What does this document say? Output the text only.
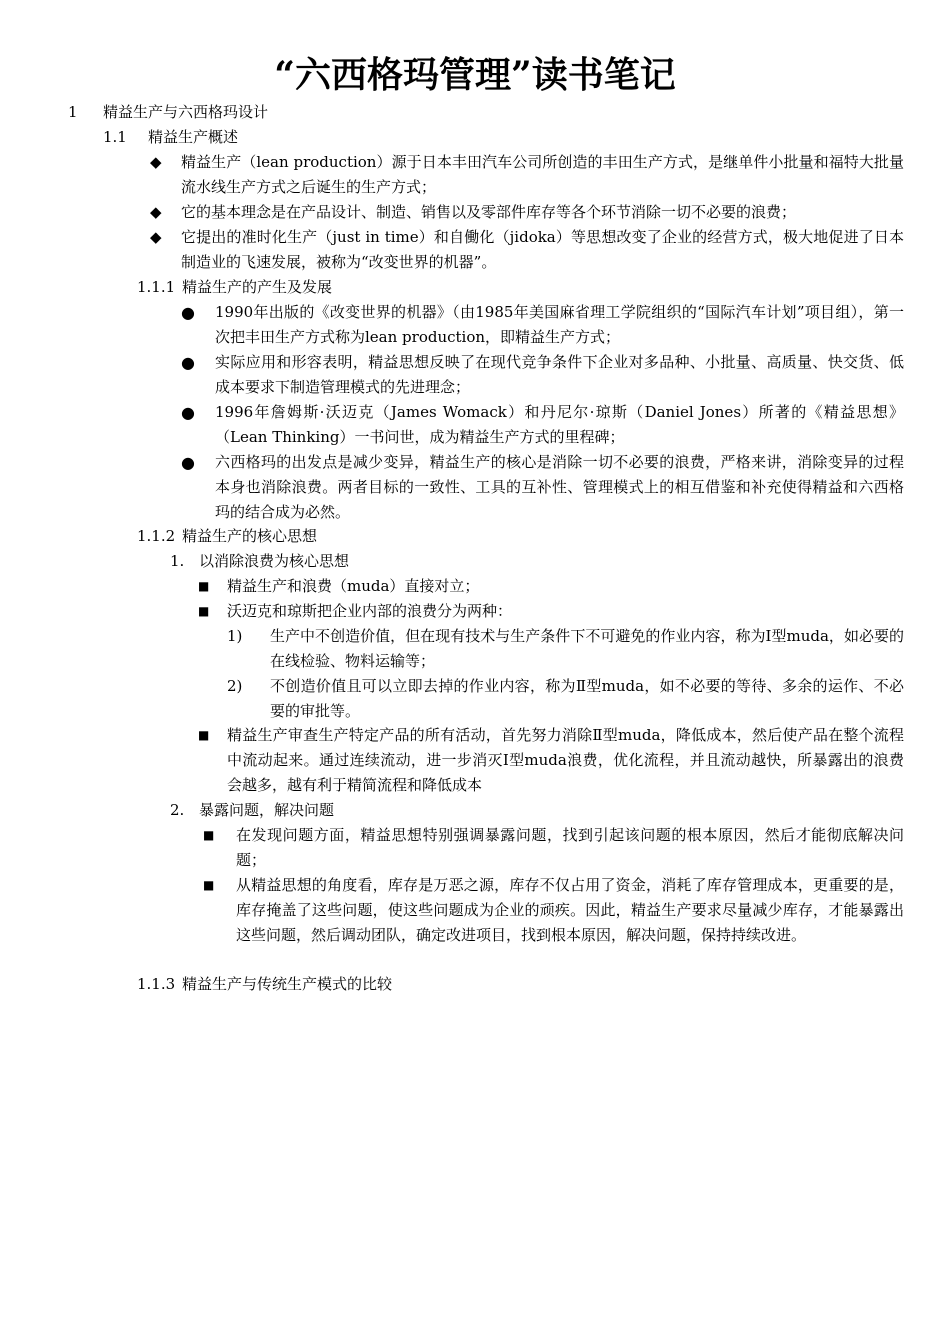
“六西格玛管理”读书笔记
1 精益生产与六西格玛设计
1.1 精益生产概述
◆ 精益生产（lean production）源于日本丰田汽车公司所创造的丰田生产方式，是继单件小批量和福特大批量流水线生产方式之后诞生的生产方式；
◆ 它的基本理念是在产品设计、制造、销售以及零部件库存等各个环节消除一切不必要的浪费；
◆ 它提出的准时化生产（just in time）和自働化（jidoka）等思想改变了企业的经营方式，极大地促进了日本制造业的飞速发展，被称为“改变世界的机器”。
1.1.1 精益生产的产生及发展
● 1990年出版的《改变世界的机器》（由1985年美国麻省理工学院组织的“国际汽车计划”项目组），第一次把丰田生产方式称为lean production，即精益生产方式；
● 实际应用和形容表明，精益思想反映了在现代竞争条件下企业对多品种、小批量、高质量、快交货、低成本要求下制造管理模式的先进理念；
● 1996年詹姆斯·沃迈克（James Womack）和丹尼尔·琼斯（Daniel Jones）所著的《精益思想》（Lean Thinking）一书问世，成为精益生产方式的里程碑；
● 六西格玛的出发点是减少变异，精益生产的核心是消除一切不必要的浪费，严格来讲，消除变异的过程本身也消除浪费。两者目标的一致性、工具的互补性、管理模式上的相互借鉴和补充使得精益和六西格玛的结合成为必然。
1.1.2 精益生产的核心思想
1. 以消除浪费为核心思想
■ 精益生产和浪费（muda）直接对立；
■ 沃迈克和琼斯把企业内部的浪费分为两种：
1) 生产中不创造价值，但在现有技术与生产条件下不可避免的作业内容，称为Ⅰ型muda，如必要的在线检验、物料运输等；
2) 不创造价值且可以立即去掉的作业内容，称为Ⅱ型muda，如不必要的等待、多余的运作、不必要的审批等。
■ 精益生产审查生产特定产品的所有活动，首先努力消除Ⅱ型muda，降低成本，然后使产品在整个流程中流动起来。通过连续流动，进一步消灭Ⅰ型muda浪费，优化流程，并且流动越快，所暴露出的浪费会越多，越有利于精简流程和降低成本
2. 暴露问题，解决问题
■ 在发现问题方面，精益思想特别强调暴露问题，找到引起该问题的根本原因，然后才能彻底解决问题；
■ 从精益思想的角度看，库存是万恶之源，库存不仅占用了资金，消耗了库存管理成本，更重要的是，库存掩盖了这些问题，使这些问题成为企业的顽疾。因此，精益生产要求尽量减少库存，才能暴露出这些问题，然后调动团队，确定改进项目，找到根本原因，解决问题，保持持续改进。
1.1.3 精益生产与传统生产模式的比较
